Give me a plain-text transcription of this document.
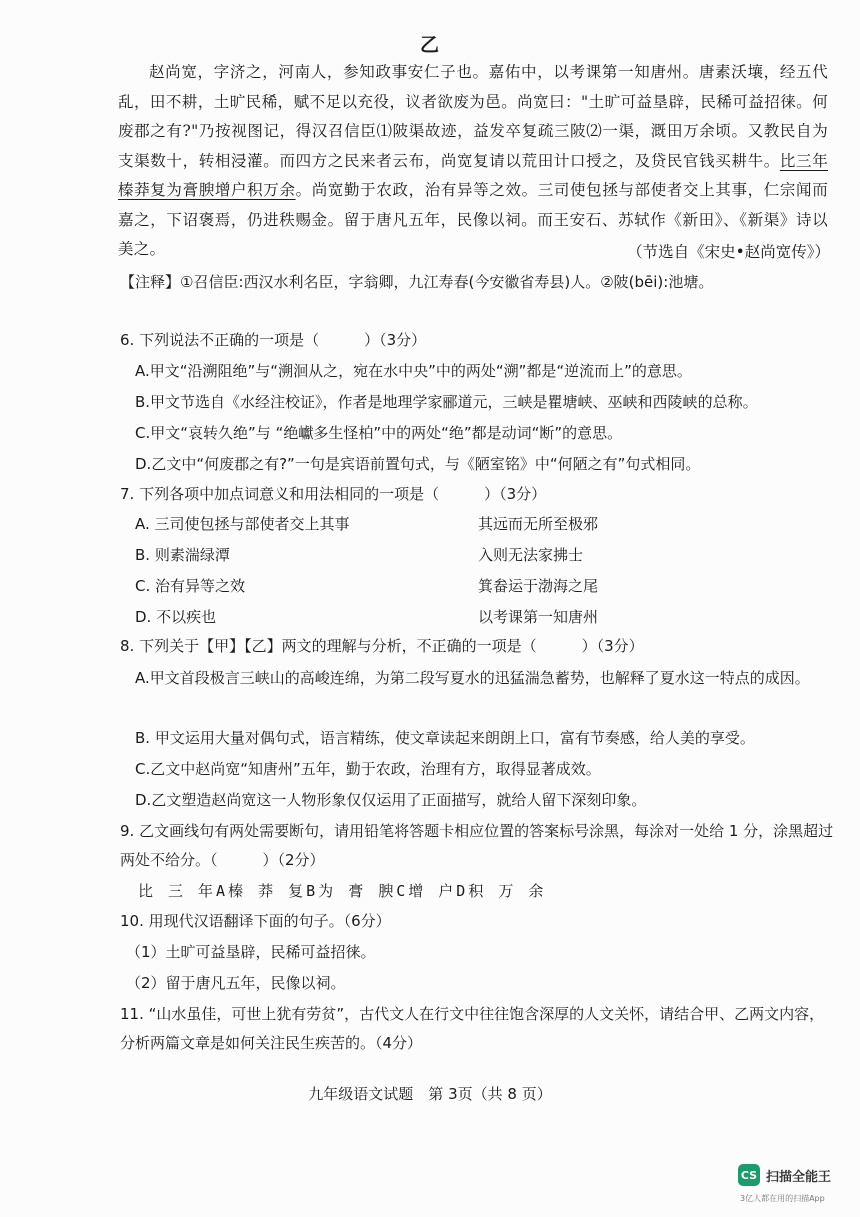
乙
赵尚宽，字济之，河南人，参知政事安仁子也。嘉佑中，以考课第一知唐州。唐素沃壤，经五代乱，田不耕，土旷民稀，赋不足以充役，议者欲废为邑。尚宽曰："土旷可益垦辟，民稀可益招徕。何废郡之有?"乃按视图记，得汉召信臣⑴陂渠故迹，益发卒复疏三陂⑵一渠，溉田万余顷。又教民自为支渠数十，转相浸灌。而四方之民来者云布，尚宽复请以荒田计口授之，及贷民官钱买耕牛。比三年榛莽复为膏腴增户积万余。尚宽勤于农政，治有异等之效。三司使包拯与部使者交上其事，仁宗闻而嘉之，下诏褒焉，仍进秩赐金。留于唐凡五年，民像以祠。而王安石、苏轼作《新田》、《新渠》诗以美之。	（节选自《宋史•赵尚宽传》）
【注释】①召信臣:西汉水利名臣，字翁卿，九江寿春(今安徽省寿县)人。②陂(bēi):池塘。
6. 下列说法不正确的一项是（　　　）（3分）
A.甲文“沿溯阻绝”与“溯洄从之，宛在水中央”中的两处“溯”都是“逆流而上”的意思。
B.甲文节选自《水经注校证》，作者是地理学家郦道元，三峡是瞿塘峡、巫峡和西陵峡的总称。
C.甲文“哀转久绝”与 “绝巘多生怪柏”中的两处“绝”都是动词“断”的意思。
D.乙文中“何废郡之有?”一句是宾语前置句式，与《陋室铭》中“何陋之有”句式相同。
7. 下列各项中加点词意义和用法相同的一项是（　　　）（3分）
A. 三司使包拯与部使者交上其事	其远而无所至极邪
B. 则素湍绿潭	入则无法家拂士
C. 治有异等之效	箕畚运于渤海之尾
D. 不以疾也	以考课第一知唐州
8. 下列关于【甲】【乙】两文的理解与分析，不正确的一项是（　　　）（3分）
A.甲文首段极言三峡山的高峻连绵，为第二段写夏水的迅猛湍急蓄势，也解释了夏水这一特点的成因。
B. 甲文运用大量对偶句式，语言精练，使文章读起来朗朗上口，富有节奏感，给人美的享受。
C.乙文中赵尚宽“知唐州”五年，勤于农政，治理有方，取得显著成效。
D.乙文塑造赵尚宽这一人物形象仅仅运用了正面描写，就给人留下深刻印象。
9. 乙文画线句有两处需要断句，请用铅笔将答题卡相应位置的答案标号涂黑，每涂对一处给 1 分，涂黑超过两处不给分。（　　　）（2分）
比 三 年A榛 莽 复B为 膏 腴C增 户D积 万 余
10. 用现代汉语翻译下面的句子。（6分）
（1）土旷可益垦辟，民稀可益招徕。
（2）留于唐凡五年，民像以祠。
11. “山水虽佳，可世上犹有劳贫”，古代文人在行文中往往饱含深厚的人文关怀，请结合甲、乙两文内容，分析两篇文章是如何关注民生疾苦的。（4分）
九年级语文试题　第 3页（共 8 页）
CS 扫描全能王
3亿人都在用的扫描App
